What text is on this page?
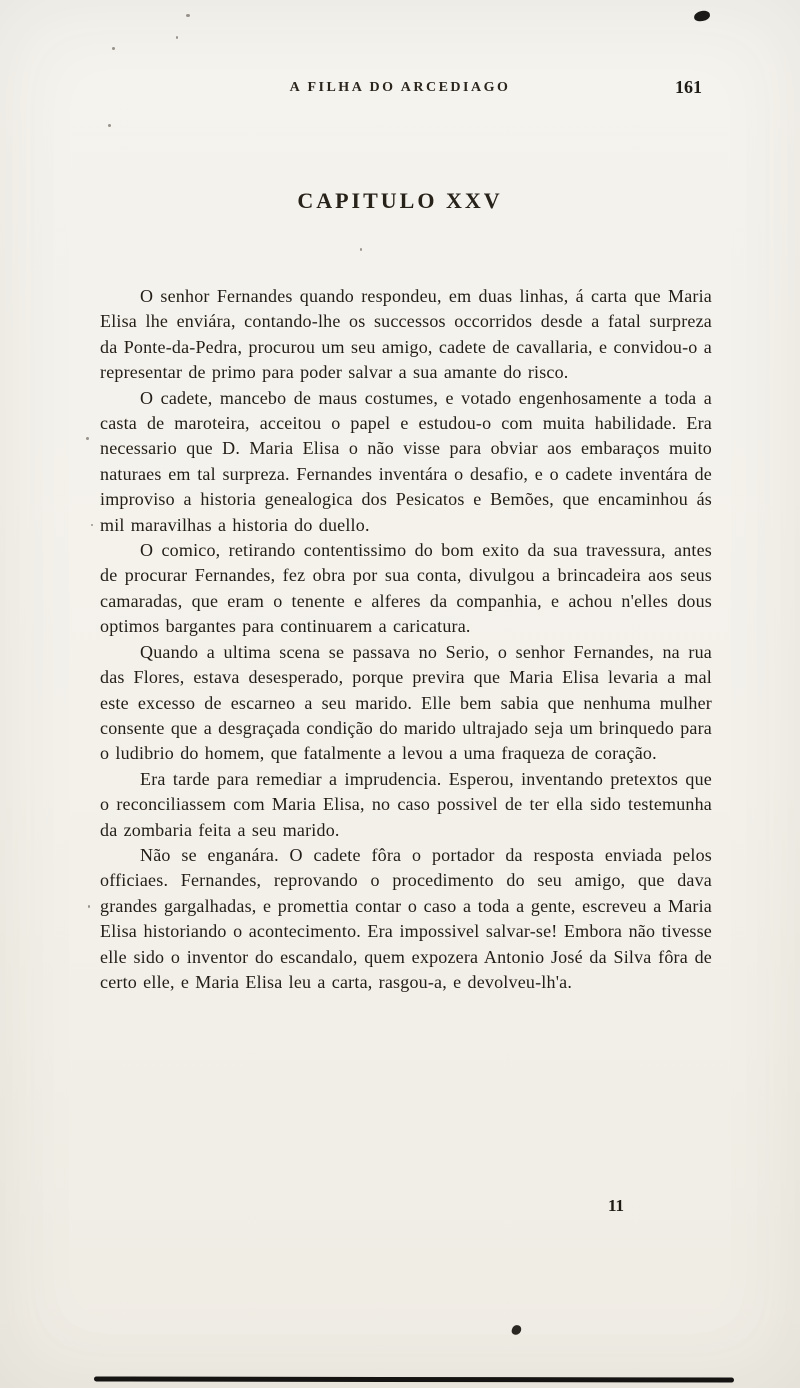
A FILHA DO ARCEDIAGO	161
CAPITULO XXV

O senhor Fernandes quando respondeu, em duas linhas, á carta que Maria Elisa lhe enviára, contando-lhe os successos occorridos desde a fatal surpreza da Ponte-da-Pedra, procurou um seu amigo, cadete de cavallaria, e convidou-o a representar de primo para poder salvar a sua amante do risco.

O cadete, mancebo de maus costumes, e votado engenhosamente a toda a casta de maroteira, acceitou o papel e estudou-o com muita habilidade. Era necessario que D. Maria Elisa o não visse para obviar aos embaraços muito naturaes em tal surpreza. Fernandes inventára o desafio, e o cadete inventára de improviso a historia genealogica dos Pesicatos e Bemões, que encaminhou ás mil maravilhas a historia do duello.

O comico, retirando contentissimo do bom exito da sua travessura, antes de procurar Fernandes, fez obra por sua conta, divulgou a brincadeira aos seus camaradas, que eram o tenente e alferes da companhia, e achou n'elles dous optimos bargantes para continuarem a caricatura.

Quando a ultima scena se passava no Serio, o senhor Fernandes, na rua das Flores, estava desesperado, porque previra que Maria Elisa levaria a mal este excesso de escarneo a seu marido. Elle bem sabia que nenhuma mulher consente que a desgraçada condição do marido ultrajado seja um brinquedo para o ludibrio do homem, que fatalmente a levou a uma fraqueza de coração.

Era tarde para remediar a imprudencia. Esperou, inventando pretextos que o reconciliassem com Maria Elisa, no caso possivel de ter ella sido testemunha da zombaria feita a seu marido.

Não se enganára. O cadete fôra o portador da resposta enviada pelos officiaes. Fernandes, reprovando o procedimento do seu amigo, que dava grandes gargalhadas, e promettia contar o caso a toda a gente, escreveu a Maria Elisa historiando o acontecimento. Era impossivel salvar-se! Embora não tivesse elle sido o inventor do escandalo, quem expozera Antonio José da Silva fôra de certo elle, e Maria Elisa leu a carta, rasgou-a, e devolveu-lh'a.

11
